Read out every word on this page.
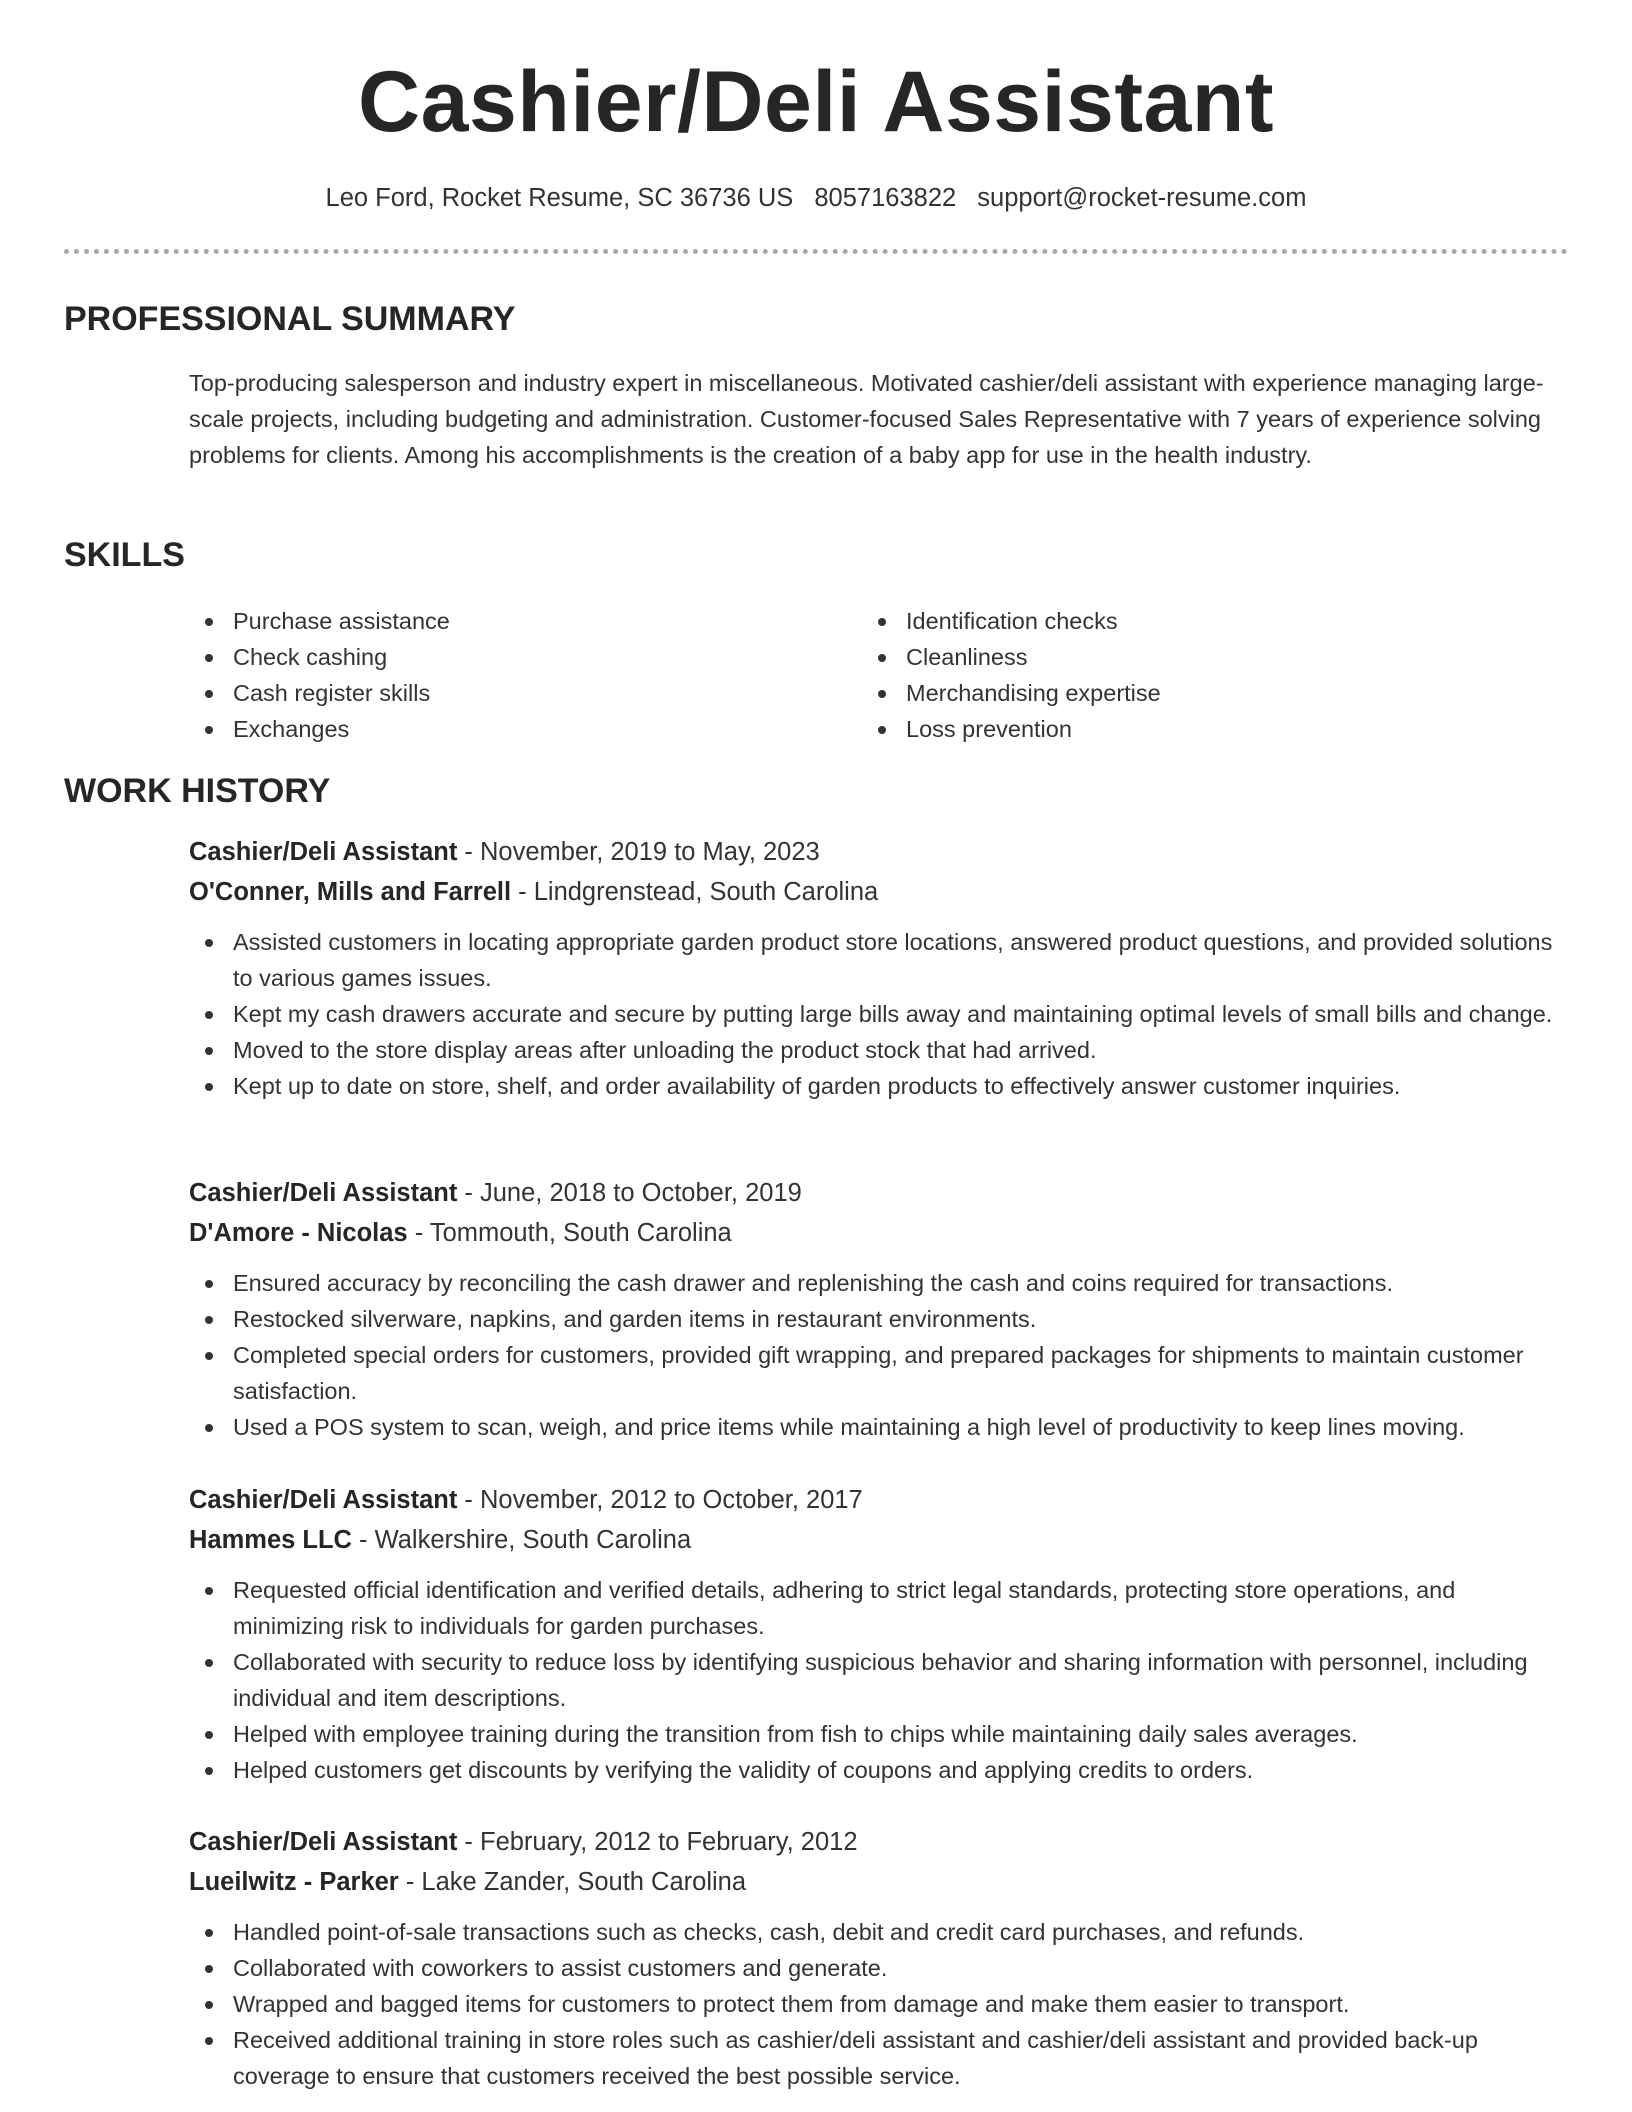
Cashier/Deli Assistant
Leo Ford, Rocket Resume, SC 36736 US 8057163822 support@rocket-resume.com
PROFESSIONAL SUMMARY
Top-producing salesperson and industry expert in miscellaneous. Motivated cashier/deli assistant with experience managing large-scale projects, including budgeting and administration. Customer-focused Sales Representative with 7 years of experience solving problems for clients. Among his accomplishments is the creation of a baby app for use in the health industry.
SKILLS
Purchase assistance
Check cashing
Cash register skills
Exchanges
Identification checks
Cleanliness
Merchandising expertise
Loss prevention
WORK HISTORY
Cashier/Deli Assistant - November, 2019 to May, 2023
O'Conner, Mills and Farrell - Lindgrenstead, South Carolina
Assisted customers in locating appropriate garden product store locations, answered product questions, and provided solutions to various games issues.
Kept my cash drawers accurate and secure by putting large bills away and maintaining optimal levels of small bills and change.
Moved to the store display areas after unloading the product stock that had arrived.
Kept up to date on store, shelf, and order availability of garden products to effectively answer customer inquiries.
Cashier/Deli Assistant - June, 2018 to October, 2019
D'Amore - Nicolas - Tommouth, South Carolina
Ensured accuracy by reconciling the cash drawer and replenishing the cash and coins required for transactions.
Restocked silverware, napkins, and garden items in restaurant environments.
Completed special orders for customers, provided gift wrapping, and prepared packages for shipments to maintain customer satisfaction.
Used a POS system to scan, weigh, and price items while maintaining a high level of productivity to keep lines moving.
Cashier/Deli Assistant - November, 2012 to October, 2017
Hammes LLC - Walkershire, South Carolina
Requested official identification and verified details, adhering to strict legal standards, protecting store operations, and minimizing risk to individuals for garden purchases.
Collaborated with security to reduce loss by identifying suspicious behavior and sharing information with personnel, including individual and item descriptions.
Helped with employee training during the transition from fish to chips while maintaining daily sales averages.
Helped customers get discounts by verifying the validity of coupons and applying credits to orders.
Cashier/Deli Assistant - February, 2012 to February, 2012
Lueilwitz - Parker - Lake Zander, South Carolina
Handled point-of-sale transactions such as checks, cash, debit and credit card purchases, and refunds.
Collaborated with coworkers to assist customers and generate.
Wrapped and bagged items for customers to protect them from damage and make them easier to transport.
Received additional training in store roles such as cashier/deli assistant and cashier/deli assistant and provided back-up coverage to ensure that customers received the best possible service.
